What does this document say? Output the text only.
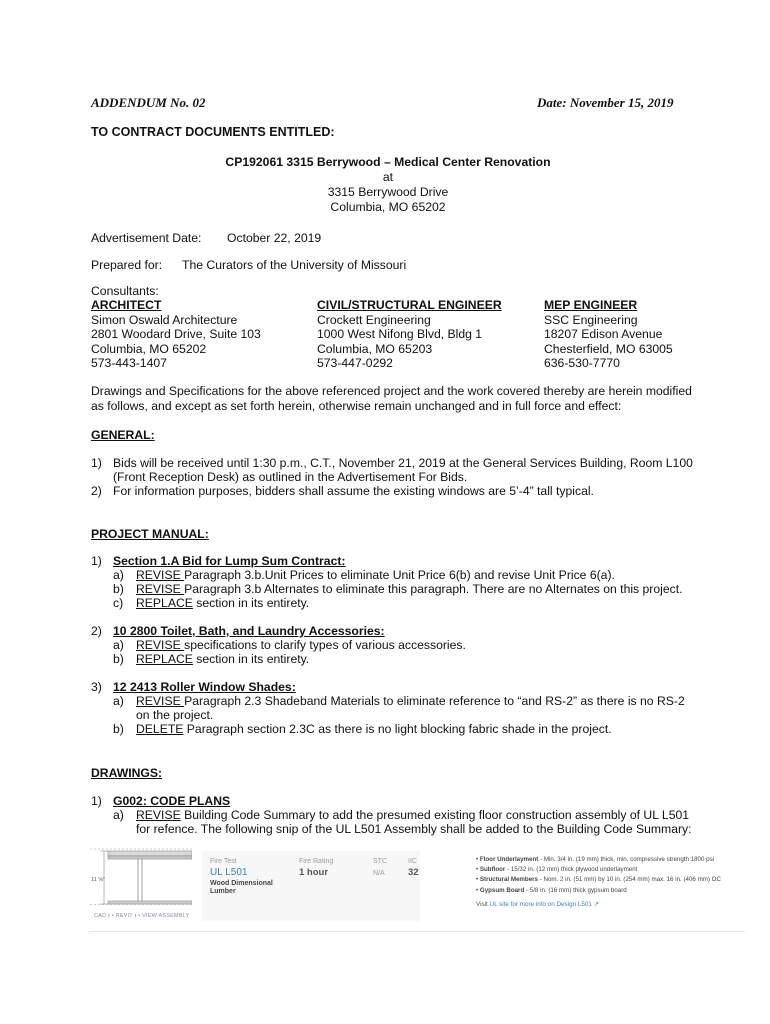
ADDENDUM No. 02	Date: November 15, 2019
TO CONTRACT DOCUMENTS ENTITLED:
CP192061 3315 Berrywood – Medical Center Renovation
at
3315 Berrywood Drive
Columbia, MO 65202
Advertisement Date: October 22, 2019
Prepared for: The Curators of the University of Missouri
Consultants:
ARCHITECT
Simon Oswald Architecture
2801 Woodard Drive, Suite 103
Columbia, MO 65202
573-443-1407
CIVIL/STRUCTURAL ENGINEER
Crockett Engineering
1000 West Nifong Blvd, Bldg 1
Columbia, MO 65203
573-447-0292
MEP ENGINEER
SSC Engineering
18207 Edison Avenue
Chesterfield, MO 63005
636-530-7770
Drawings and Specifications for the above referenced project and the work covered thereby are herein modified
as follows, and except as set forth herein, otherwise remain unchanged and in full force and effect:
GENERAL:
1) Bids will be received until 1:30 p.m., C.T., November 21, 2019 at the General Services Building, Room L100
(Front Reception Desk) as outlined in the Advertisement For Bids.
2) For information purposes, bidders shall assume the existing windows are 5’-4” tall typical.
PROJECT MANUAL:
1) Section 1.A Bid for Lump Sum Contract:
a) REVISE Paragraph 3.b.Unit Prices to eliminate Unit Price 6(b) and revise Unit Price 6(a).
b) REVISE Paragraph 3.b Alternates to eliminate this paragraph. There are no Alternates on this project.
c) REPLACE section in its entirety.
2) 10 2800 Toilet, Bath, and Laundry Accessories:
a) REVISE specifications to clarify types of various accessories.
b) REPLACE section in its entirety.
3) 12 2413 Roller Window Shades:
a) REVISE Paragraph 2.3 Shadeband Materials to eliminate reference to “and RS-2” as there is no RS-2
on the project.
b) DELETE Paragraph section 2.3C as there is no light blocking fabric shade in the project.
DRAWINGS:
1) G002: CODE PLANS
a) REVISE Building Code Summary to add the presumed existing floor construction assembly of UL L501
for refence. The following snip of the UL L501 Assembly shall be added to the Building Code Summary:
11 ⅝"
CAD ⭳ • REVIT ⭳ • VIEW ASSEMBLY
Fire Test
UL L501
Wood Dimensional
Lumber
Fire Rating
1 hour
STC
N/A
IIC
32
• Floor Underlayment - Min. 3/4 in. (19 mm) thick, min. compressive strength 1800 psi
• Subfloor - 15/32 in. (12 mm) thick plywood underlayment
• Structural Members - Nom. 2 in. (51 mm) by 10 in. (254 mm) max. 16 in. (406 mm) OC
• Gypsum Board - 5/8 in. (16 mm) thick gypsum board
Visit UL site for more info on Design L501 ↗
